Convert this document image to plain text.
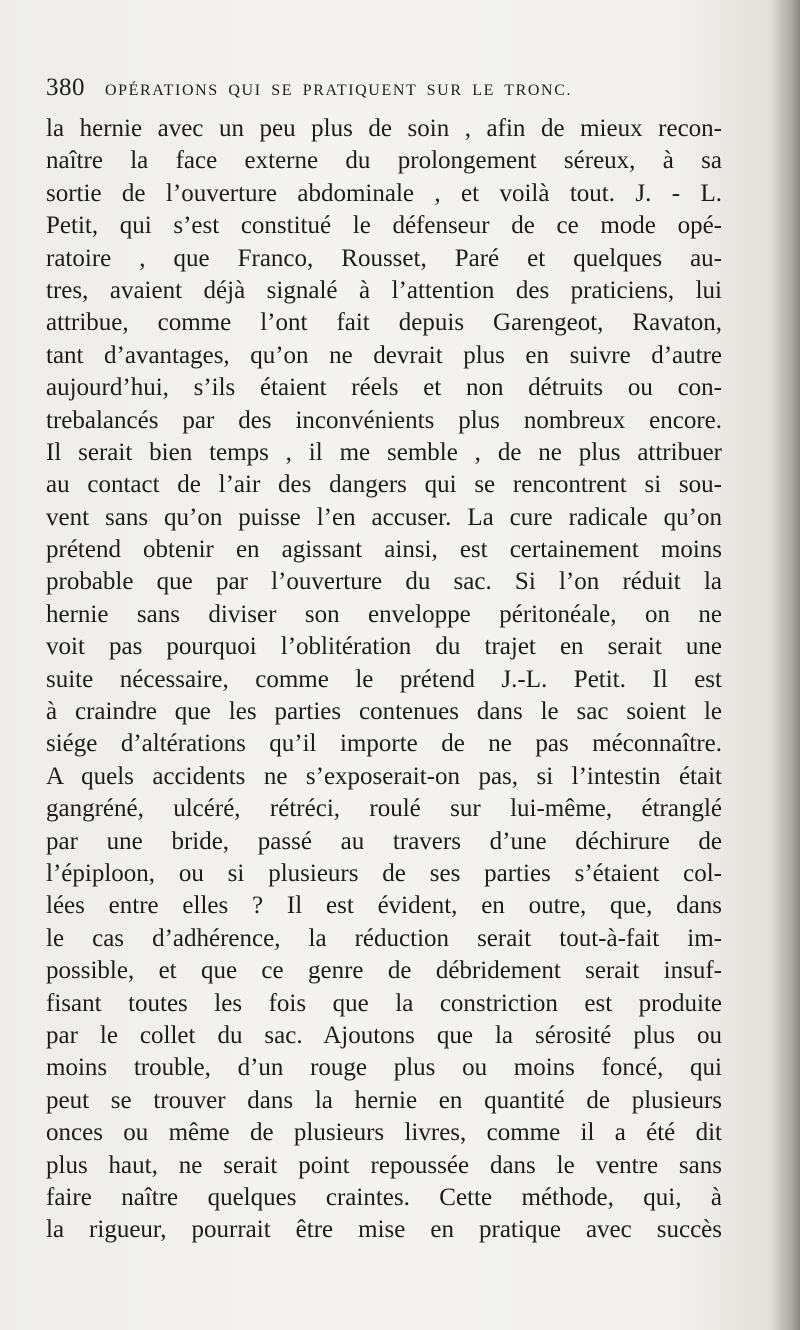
380 OPÉRATIONS QUI SE PRATIQUENT SUR LE TRONC.
la hernie avec un peu plus de soin , afin de mieux recon-
naître la face externe du prolongement séreux, à sa
sortie de l’ouverture abdominale , et voilà tout. J. - L.
Petit, qui s’est constitué le défenseur de ce mode opé-
ratoire , que Franco, Rousset, Paré et quelques au-
tres, avaient déjà signalé à l’attention des praticiens, lui
attribue, comme l’ont fait depuis Garengeot, Ravaton,
tant d’avantages, qu’on ne devrait plus en suivre d’autre
aujourd’hui, s’ils étaient réels et non détruits ou con-
trebalancés par des inconvénients plus nombreux encore.
Il serait bien temps , il me semble , de ne plus attribuer
au contact de l’air des dangers qui se rencontrent si sou-
vent sans qu’on puisse l’en accuser. La cure radicale qu’on
prétend obtenir en agissant ainsi, est certainement moins
probable que par l’ouverture du sac. Si l’on réduit la
hernie sans diviser son enveloppe péritonéale, on ne
voit pas pourquoi l’oblitération du trajet en serait une
suite nécessaire, comme le prétend J.-L. Petit. Il est
à craindre que les parties contenues dans le sac soient le
siége d’altérations qu’il importe de ne pas méconnaître.
A quels accidents ne s’exposerait-on pas, si l’intestin était
gangréné, ulcéré, rétréci, roulé sur lui-même, étranglé
par une bride, passé au travers d’une déchirure de
l’épiploon, ou si plusieurs de ses parties s’étaient col-
lées entre elles ? Il est évident, en outre, que, dans
le cas d’adhérence, la réduction serait tout-à-fait im-
possible, et que ce genre de débridement serait insuf-
fisant toutes les fois que la constriction est produite
par le collet du sac. Ajoutons que la sérosité plus ou
moins trouble, d’un rouge plus ou moins foncé, qui
peut se trouver dans la hernie en quantité de plusieurs
onces ou même de plusieurs livres, comme il a été dit
plus haut, ne serait point repoussée dans le ventre sans
faire naître quelques craintes. Cette méthode, qui, à
la rigueur, pourrait être mise en pratique avec succès
